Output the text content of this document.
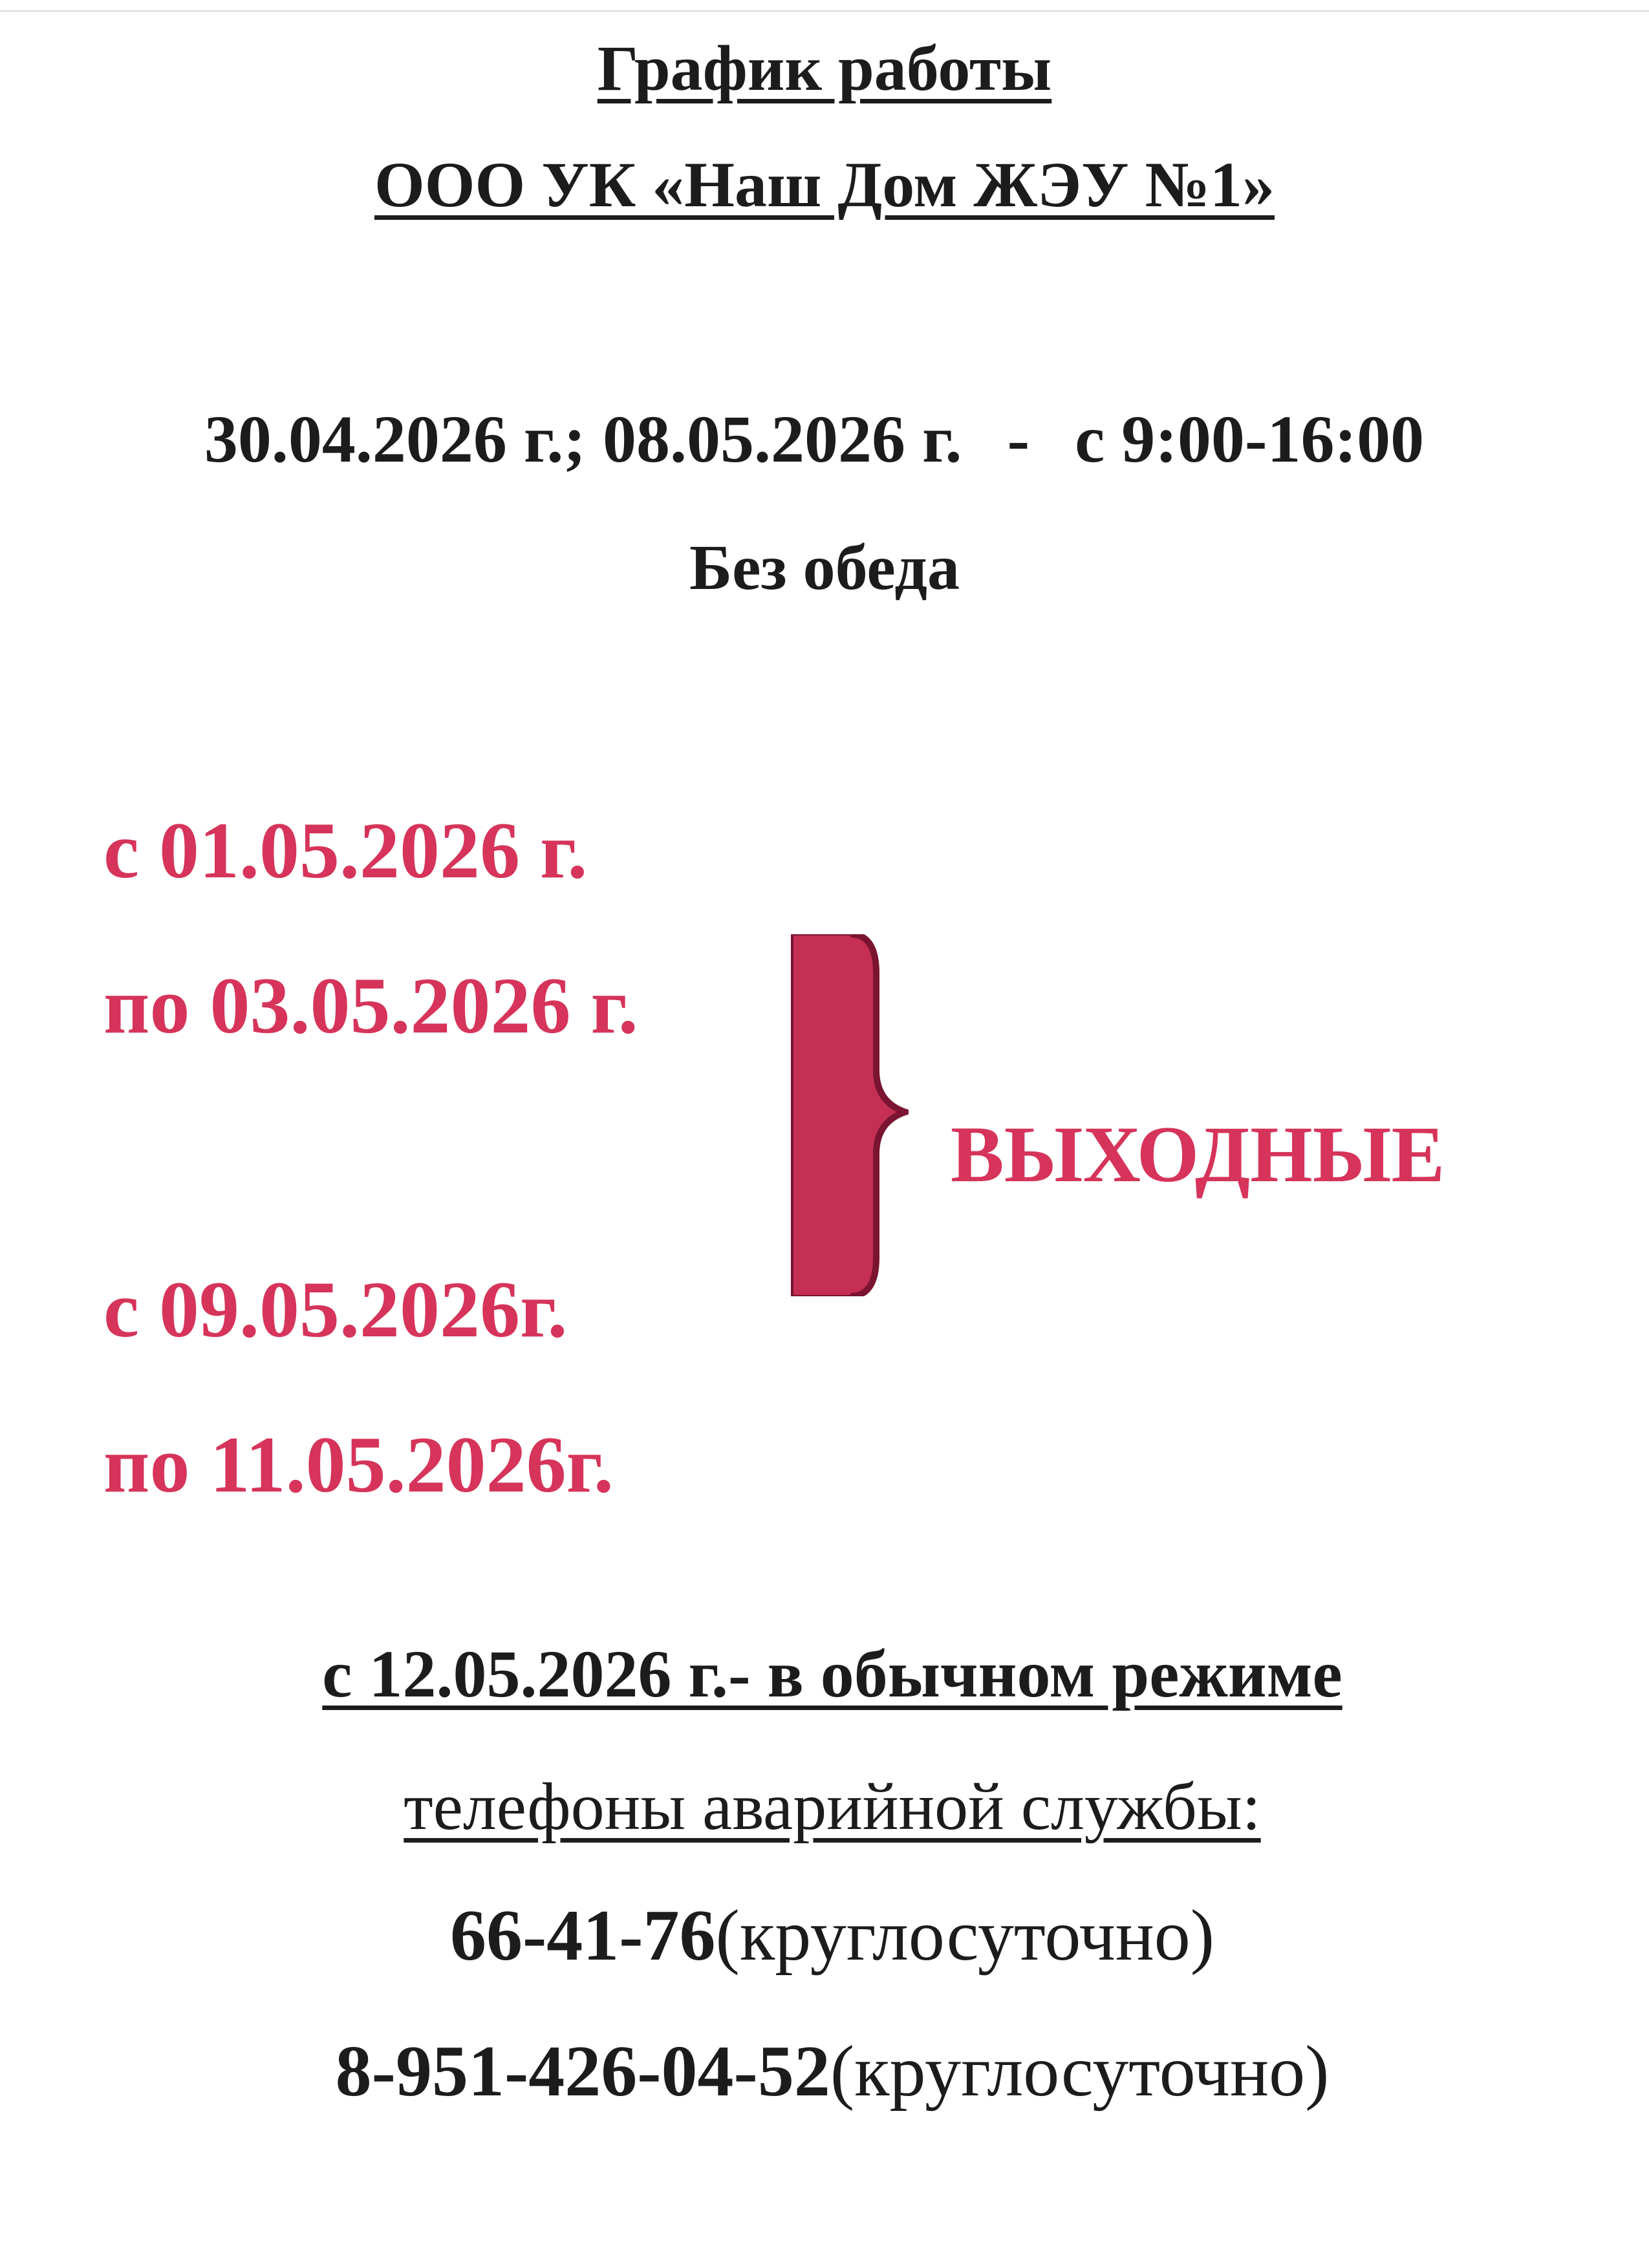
График работы
ООО УК «Наш Дом ЖЭУ №1»
30.04.2026 г.; 08.05.2026 г. - с 9:00-16:00
Без обеда
с 01.05.2026 г.
по 03.05.2026 г.
с 09.05.2026г.
по 11.05.2026г.
ВЫХОДНЫЕ
с 12.05.2026 г.- в обычном режиме
телефоны аварийной службы:
66-41-76(круглосуточно)
8-951-426-04-52(круглосуточно)
